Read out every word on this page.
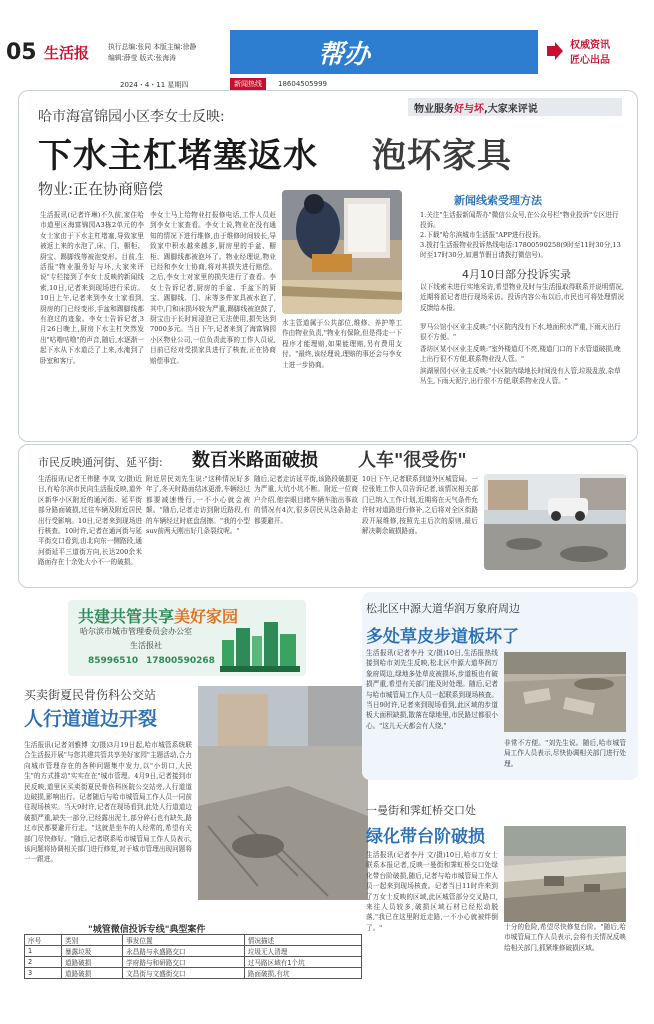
05 生活报	执行总编:张同 本版主编:徐静
编辑:薛莹 版式:张海涛	帮办	权威资讯
匠心出品
2024・4・11 星期四	新闻热线	18604505999
物业服务好与坏,大家来评说
哈市海富锦园小区李女士反映:
下水主杠堵塞返水 泡坏家具
物业:正在协商赔偿
生活报讯(记者许琳)不久前,家住哈市道里区海富锦园A3栋2单元的李女士家由于下水主杠堵塞,导致家里被返上来的水泡了,床、门、橱柜、厨宝、踢脚线等被泡变形。目前,生活报"物业服务好与坏,大家来评说"专栏接到了李女士反映的新闻线索,10日,记者来到现场进行采访。10日上午,记者来到李女士家看到,厨房的门已经变形,手盆和踢脚线都有泡过的迹象。李女士告诉记者,3月26日晚上,厨房下水主杠突然发出"咕噜咕噜"的声音,随后,水逐渐一起下水从下水道泛了上来,水淹到了卧室和客厅。
李女士马上给物业打报修电话,工作人员赶到李女士家查看。李女士说,物业在没有通知的情况下进行维修,由于维修时间较长,导致家中积水越来越多,厨房里的手盆、橱柜、踢脚线都被泡坏了。物业经理说,物业已经和李女士协商,将对其损失进行赔偿。之后,李女士对家里的损失进行了查看。李女士告诉记者,厨房的手盆、手盆下的厨宝、踢脚线、门、床等多件家具被水泡了,其中,门和床损坏较为严重,踢脚线被泡鼓了,厨宝由于长时间浸泡已无法使用,损失达到7000多元。当日下午,记者来到了海富锦园小区物业公司,一位负责此事的工作人员说,目前已经对受损家具进行了核查,正在协商赔偿事宜。
水主管道属于公共部位,维修、养护等工作由物业负责,"物业有保险,但是得走一下程序才能理赔,如果能理赔,另有费用支付。"最终,该经理说,理赔的事还会与李女士进一步协商。
新闻线索受理方法

1.关注"生活报新闻帮办"微信公众号,在公众号栏"物业投诉"专区进行投诉。

2.下载"哈尔滨城市生活报"APP进行投诉。

3.拨打生活报物业投诉热线电话:17800590258(9时至11时30分,13时至17时30分,如遇节假日请拨打微信号)。

4月10日部分投诉实录
以下线索未进行实地采访,希望物业及时与生活报取得联系并说明情况,近期将派记者进行现场采访。投诉内容公布以后,市民也可将处理情况反馈给本报。

罗马公馆小区业主反映:"小区院内没有下水,地面积水严重,下雨天出行很不方便。"

香坊区某小区业主反映:"室外楼道灯不亮,楼道门口的下水管道破损,晚上出行很不方便,联系物业没人管。"

滨湖景园小区业主反映:"小区院内绿地长时间没有人管,垃圾乱放,杂草丛生,下雨天泥泞,出行很不方便,联系物业没人管。"

市民反映通河街、延平街: 数百米路面破损 人车"很受伤"
生活报讯(记者王伟健 李岚 文/摄)近日,有哈尔滨市民向生活报反映,道外区新华小区附近的通河街、延平街部分路面破损,过往车辆及附近居民出行受影响。10日,记者来到现场进行核查。10时许,记者在通河街与延平街交口看到,由北向东一侧路段,通河街延平三道街方向,长达200余米路面存在十余处大小不一的破损。
附近居民刘先生说:"这种情况好多年了,冬天时路面结冰更滑,车辆经过都要减速慢行,一不小心就会被颠。"随后,记者走访到附近路段,有的车辆经过时底盘刮擦。"我的小型suv前两天刚出好几条裂纹呢。"
随后,记者走访延平街,该路段破损更为严重,大坑小坑不断。附近一位商户介绍,他亲眼目睹车辆车胎出事故的情况有4次,很多居民从这条路走都要避开。
10日下午,记者联系到道外区城管局。一位张姓工作人员告诉记者,该情况相关部门已纳入工作计划,近期将在天气条件允许时对道路进行修补,之后将对全区街路段开展维修,按照先主后次的原则,最后解决剩余破损路面。
共建共管共享美好家园
哈尔滨市城市管理委员会办公室
生活报社
85996510 17800590268
买卖街夏民骨伤科公交站
人行道道边开裂
生活报讯(记者刘雅博 文/摄)3月19日起,哈市城管系统联合生活报开展"与您共建共管共享美好家园"主题活动,合力向城市管理存在的各种问题集中发力,以"小切口,大民生"的方式推动"实实在在"城市管理。4月9日,记者接到市民反映,道里区买卖街夏民骨伤科医院公交站旁,人行道道边破损,影响出行。记者随后与哈市城管局工作人员一同前往现场核实。当天9时许,记者在现场看到,此处人行道道边破损严重,缺失一部分,已经露出泥土,部分碎石也有缺失,路过市民都要避开行走。"这就是坐车的人经常的,希望有关部门尽快修好。"随后,记者联系哈市城管局工作人员表示,该问题将协调相关部门进行修复,对于城市管理出现问题将一一跟进。
"城管微信投诉专线"典型案件
序号	类别	事发位置	情况描述
1	暴露垃圾	永昌路与永盛路交口	垃圾无人清理
2	道路破损	学府路与和研路交口	过马路区域有1个坑
3	道路破损	文昌街与文盛街交口	路面破损,有坑
松北区中源大道华润万象府周边
多处草皮步道板坏了
生活报讯(记者李丹 文/摄)10日,生活报热线接到哈市刘先生反映,松北区中源大道华润万象府周边,绿地多处草皮被损坏,步道板也有破损严重,希望有关部门能及时处理。随后,记者与哈市城管局工作人员一起联系到现场核查。当日9时许,记者来到现场看到,此区域的步道板大面积缺损,散落在绿地里,市民路过都很小心。"这儿天天都会有人绕,"
非常不方便。"刘先生说。随后,哈市城管局工作人员表示,尽快协调相关部门进行处理。
一曼街和霁虹桥交口处
绿化带台阶破损
生活报讯(记者李丹 文/摄)10日,哈市万女士联系本报记者,反映一曼街和霁虹桥交口处绿化带台阶破损,随后,记者与哈市城管局工作人员一起来到现场核查。记者当日11时许来到了万女士反映的区域,此区城管部分交叉路口,来往人员较多,破损区域石材已经松动脱落,"我已在这里附近走路,一不小心就被绊倒了。"	十分的危险,希望尽快修复台阶。"随后,哈市城管局工作人员表示,会将有关情况反映给相关部门,抓紧维修破损区域。
